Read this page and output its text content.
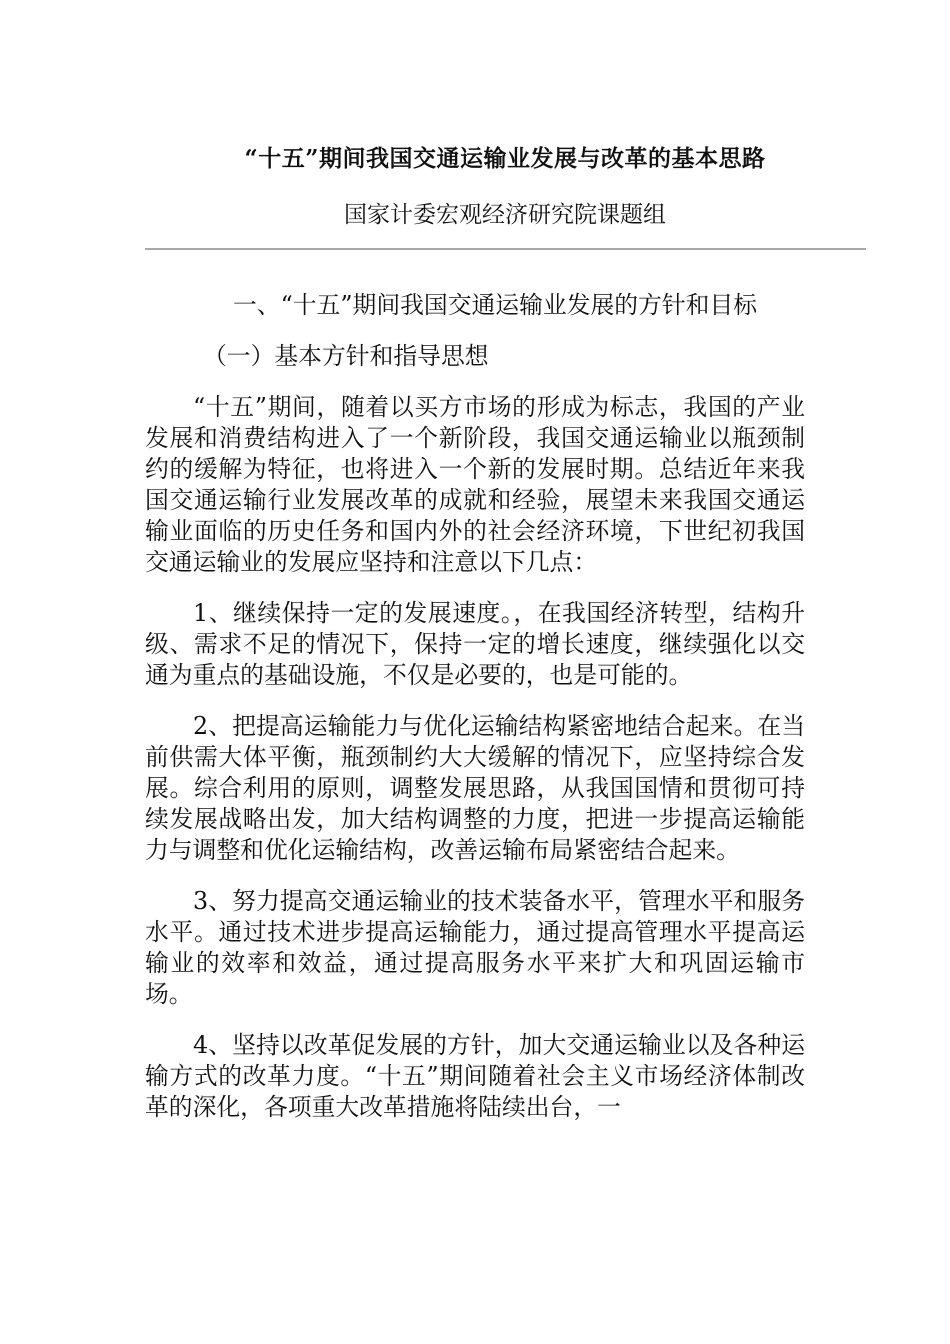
“十五”期间我国交通运输业发展与改革的基本思路
国家计委宏观经济研究院课题组

一、“十五”期间我国交通运输业发展的方针和目标

（一）基本方针和指导思想

“十五”期间，随着以买方市场的形成为标志，我国的产业发展和消费结构进入了一个新阶段，我国交通运输业以瓶颈制约的缓解为特征，也将进入一个新的发展时期。总结近年来我国交通运输行业发展改革的成就和经验，展望未来我国交通运输业面临的历史任务和国内外的社会经济环境，下世纪初我国交通运输业的发展应坚持和注意以下几点：

1、继续保持一定的发展速度。，在我国经济转型，结构升级、需求不足的情况下，保持一定的增长速度，继续强化以交通为重点的基础设施，不仅是必要的，也是可能的。

2、把提高运输能力与优化运输结构紧密地结合起来。在当前供需大体平衡，瓶颈制约大大缓解的情况下，应坚持综合发展。综合利用的原则，调整发展思路，从我国国情和贯彻可持续发展战略出发，加大结构调整的力度，把进一步提高运输能力与调整和优化运输结构，改善运输布局紧密结合起来。

3、努力提高交通运输业的技术装备水平，管理水平和服务水平。通过技术进步提高运输能力，通过提高管理水平提高运输业的效率和效益，通过提高服务水平来扩大和巩固运输市场。

4、坚持以改革促发展的方针，加大交通运输业以及各种运输方式的改革力度。“十五”期间随着社会主义市场经济体制改革的深化，各项重大改革措施将陆续出台，一
